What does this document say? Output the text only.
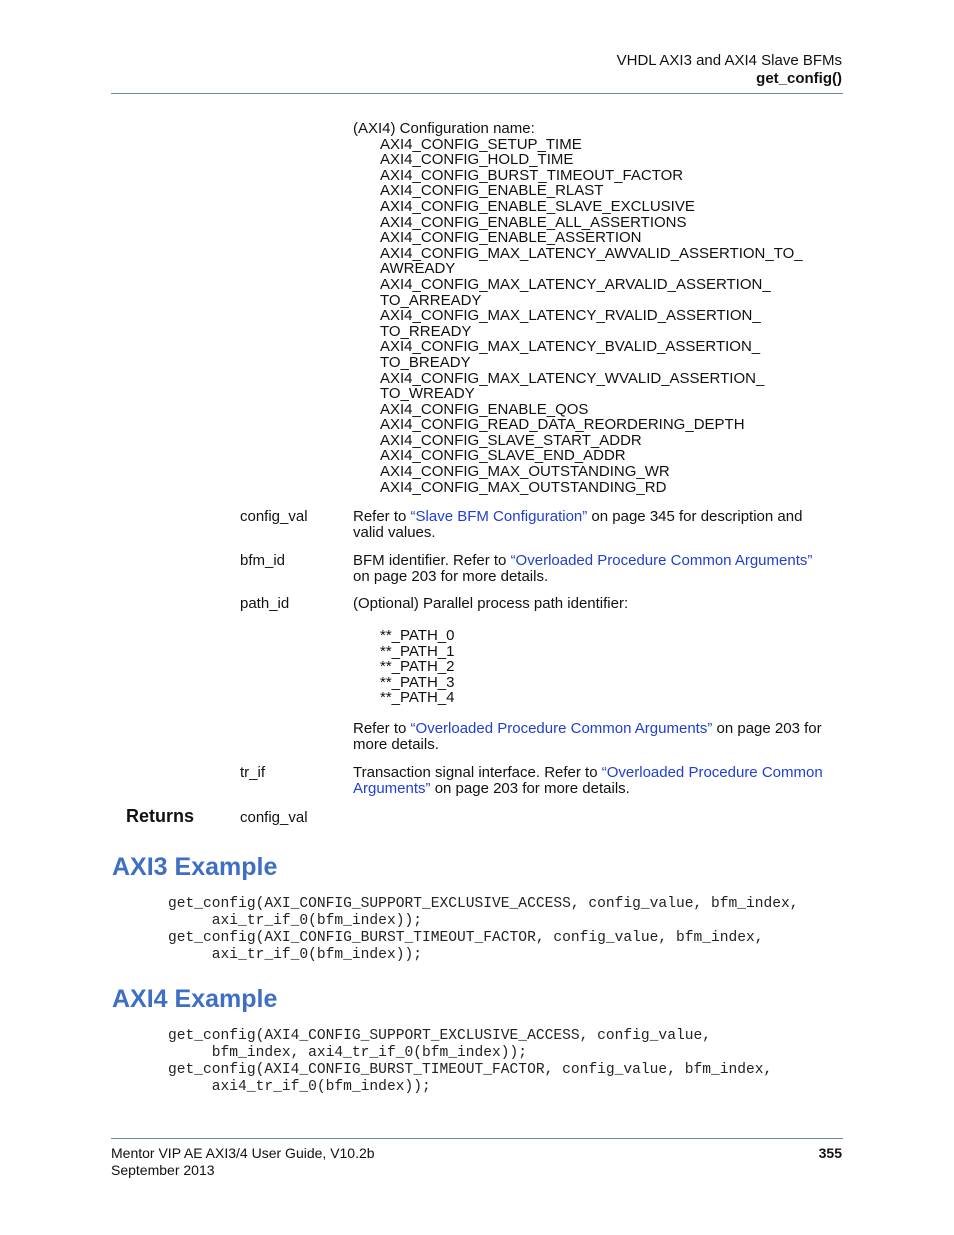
VHDL AXI3 and AXI4 Slave BFMs
get_config()
(AXI4) Configuration name:
AXI4_CONFIG_SETUP_TIME
AXI4_CONFIG_HOLD_TIME
AXI4_CONFIG_BURST_TIMEOUT_FACTOR
AXI4_CONFIG_ENABLE_RLAST
AXI4_CONFIG_ENABLE_SLAVE_EXCLUSIVE
AXI4_CONFIG_ENABLE_ALL_ASSERTIONS
AXI4_CONFIG_ENABLE_ASSERTION
AXI4_CONFIG_MAX_LATENCY_AWVALID_ASSERTION_TO_
AWREADY
AXI4_CONFIG_MAX_LATENCY_ARVALID_ASSERTION_
TO_ARREADY
AXI4_CONFIG_MAX_LATENCY_RVALID_ASSERTION_
TO_RREADY
AXI4_CONFIG_MAX_LATENCY_BVALID_ASSERTION_
TO_BREADY
AXI4_CONFIG_MAX_LATENCY_WVALID_ASSERTION_
TO_WREADY
AXI4_CONFIG_ENABLE_QOS
AXI4_CONFIG_READ_DATA_REORDERING_DEPTH
AXI4_CONFIG_SLAVE_START_ADDR
AXI4_CONFIG_SLAVE_END_ADDR
AXI4_CONFIG_MAX_OUTSTANDING_WR
AXI4_CONFIG_MAX_OUTSTANDING_RD
config_val	Refer to “Slave BFM Configuration” on page 345 for description and
valid values.
bfm_id	BFM identifier. Refer to “Overloaded Procedure Common Arguments”
on page 203 for more details.
path_id	(Optional) Parallel process path identifier:
**_PATH_0
**_PATH_1
**_PATH_2
**_PATH_3
**_PATH_4
Refer to “Overloaded Procedure Common Arguments” on page 203 for
more details.
tr_if	Transaction signal interface. Refer to “Overloaded Procedure Common
Arguments” on page 203 for more details.
Returns	config_val
AXI3 Example
get_config(AXI_CONFIG_SUPPORT_EXCLUSIVE_ACCESS, config_value, bfm_index,
axi_tr_if_0(bfm_index));
get_config(AXI_CONFIG_BURST_TIMEOUT_FACTOR, config_value, bfm_index,
axi_tr_if_0(bfm_index));
AXI4 Example
get_config(AXI4_CONFIG_SUPPORT_EXCLUSIVE_ACCESS, config_value,
bfm_index, axi4_tr_if_0(bfm_index));
get_config(AXI4_CONFIG_BURST_TIMEOUT_FACTOR, config_value, bfm_index,
axi4_tr_if_0(bfm_index));
Mentor VIP AE AXI3/4 User Guide, V10.2b
September 2013
355
